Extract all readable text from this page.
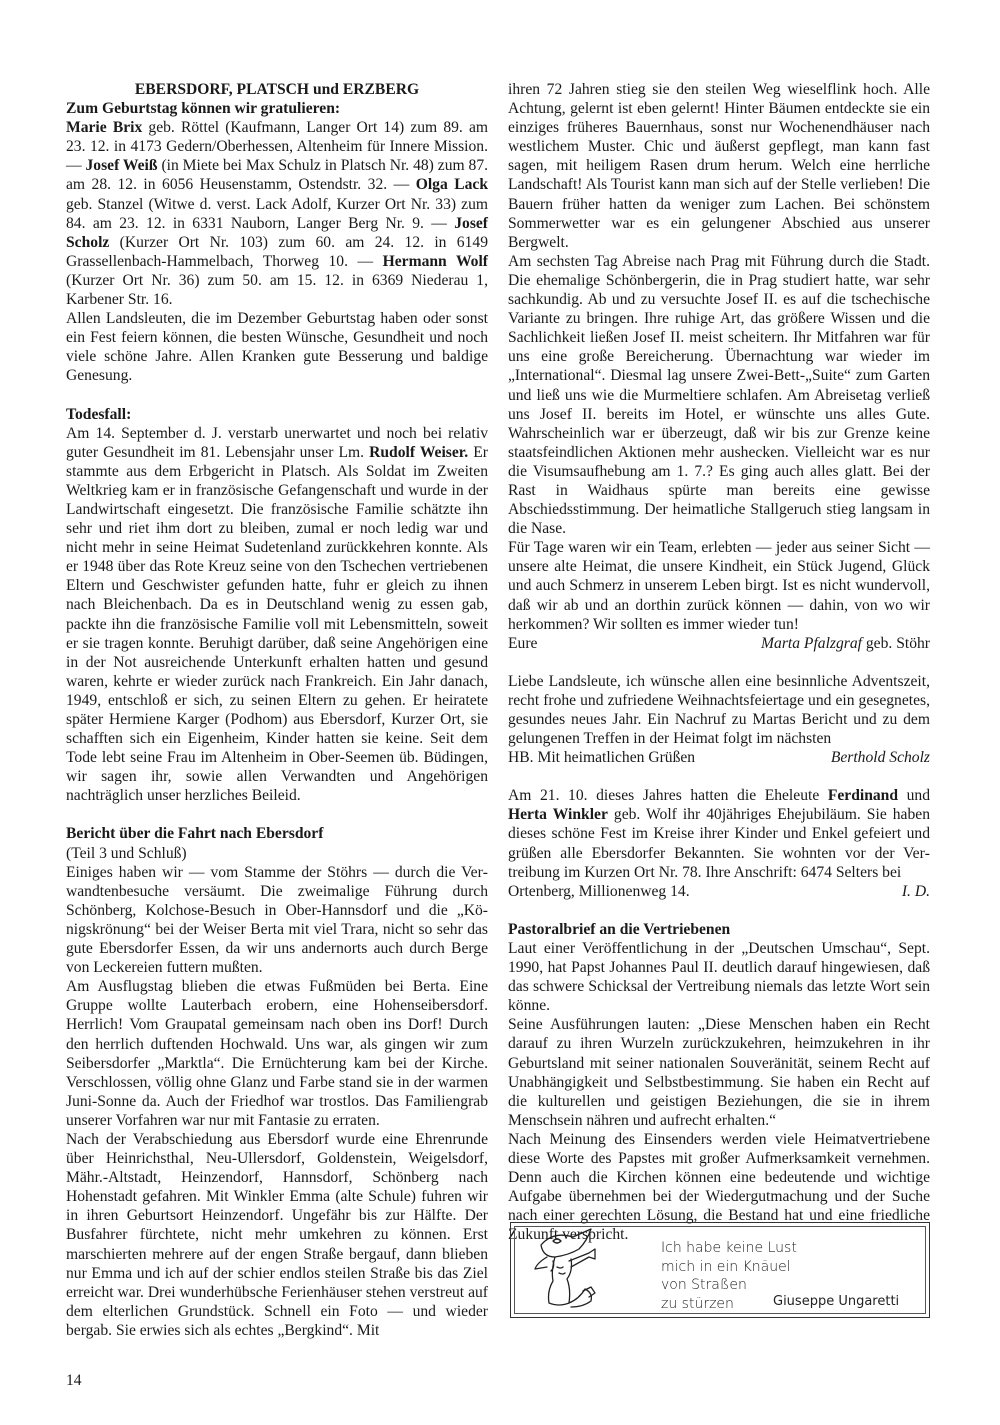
EBERSDORF, PLATSCH und ERZBERG

Zum Geburtstag können wir gratulieren:

Marie Brix geb. Röttel (Kaufmann, Langer Ort 14) zum 89. am 23. 12. in 4173 Gedern/Oberhessen, Altenheim für Innere Mission. — Josef Weiß (in Miete bei Max Schulz in Platsch Nr. 48) zum 87. am 28. 12. in 6056 Heusenstamm, Ostendstr. 32. — Olga Lack geb. Stanzel (Witwe d. verst. Lack Adolf, Kurzer Ort Nr. 33) zum 84. am 23. 12. in 6331 Nauborn, Langer Berg Nr. 9. — Josef Scholz (Kurzer Ort Nr. 103) zum 60. am 24. 12. in 6149 Grassellenbach-Hammelbach, Thorweg 10. — Hermann Wolf (Kurzer Ort Nr. 36) zum 50. am 15. 12. in 6369 Niederau 1, Karbener Str. 16.

Allen Landsleuten, die im Dezember Geburtstag haben oder sonst ein Fest feiern können, die besten Wünsche, Gesundheit und noch viele schöne Jahre. Allen Kranken gute Besserung und baldige Genesung.

Todesfall:

Am 14. September d. J. verstarb unerwartet und noch bei relativ guter Gesundheit im 81. Lebensjahr unser Lm. Rudolf Weiser. Er stammte aus dem Erbgericht in Platsch. Als Soldat im Zweiten Weltkrieg kam er in französische Gefangenschaft und wurde in der Landwirtschaft eingesetzt. Die französische Familie schätzte ihn sehr und riet ihm dort zu bleiben, zumal er noch ledig war und nicht mehr in seine Heimat Sudetenland zurückkehren konnte. Als er 1948 über das Rote Kreuz seine von den Tschechen vertriebenen Eltern und Geschwister gefunden hatte, fuhr er gleich zu ihnen nach Bleichenbach. Da es in Deutschland wenig zu essen gab, packte ihn die französische Familie voll mit Lebensmitteln, soweit er sie tragen konnte. Beruhigt darüber, daß seine Angehörigen eine in der Not ausreichende Unterkunft erhalten hatten und gesund waren, kehrte er wieder zurück nach Frankreich. Ein Jahr danach, 1949, entschloß er sich, zu seinen Eltern zu gehen. Er heiratete später Hermiene Karger (Podhom) aus Ebersdorf, Kurzer Ort, sie schafften sich ein Eigenheim, Kinder hatten sie keine. Seit dem Tode lebt seine Frau im Altenheim in Ober-Seemen üb. Büdingen, wir sagen ihr, sowie allen Verwandten und Angehörigen nachträglich unser herzliches Beileid.

Bericht über die Fahrt nach Ebersdorf

(Teil 3 und Schluß)

Einiges haben wir — vom Stamme der Stöhrs — durch die Verwandtenbesuche versäumt. Die zweimalige Führung durch Schönberg, Kolchose-Besuch in Ober-Hannsdorf und die „Königskrönung“ bei der Weiser Berta mit viel Trara, nicht so sehr das gute Ebersdorfer Essen, da wir uns andernorts auch durch Berge von Leckereien futtern mußten.

Am Ausflugstag blieben die etwas Fußmüden bei Berta. Eine Gruppe wollte Lauterbach erobern, eine Hohenseibersdorf. Herrlich! Vom Graupatal gemeinsam nach oben ins Dorf! Durch den herrlich duftenden Hochwald. Uns war, als gingen wir zum Seibersdorfer „Marktla“. Die Ernüchterung kam bei der Kirche. Verschlossen, völlig ohne Glanz und Farbe stand sie in der warmen Juni-Sonne da. Auch der Friedhof war trostlos. Das Familiengrab unserer Vorfahren war nur mit Fantasie zu erraten.

Nach der Verabschiedung aus Ebersdorf wurde eine Ehrenrunde über Heinrichsthal, Neu-Ullersdorf, Goldenstein, Weigelsdorf, Mähr.-Altstadt, Heinzendorf, Hannsdorf, Schönberg nach Hohenstadt gefahren. Mit Winkler Emma (alte Schule) fuhren wir in ihren Geburtsort Heinzendorf. Ungefähr bis zur Hälfte. Der Busfahrer fürchtete, nicht mehr umkehren zu können. Erst marschierten mehrere auf der engen Straße bergauf, dann blieben nur Emma und ich auf der schier endlos steilen Straße bis das Ziel erreicht war. Drei wunderhübsche Ferienhäuser stehen verstreut auf dem elterlichen Grundstück. Schnell ein Foto — und wieder bergab. Sie erwies sich als echtes „Bergkind“. Mit

ihren 72 Jahren stieg sie den steilen Weg wieselflink hoch. Alle Achtung, gelernt ist eben gelernt! Hinter Bäumen entdeckte sie ein einziges früheres Bauernhaus, sonst nur Wochenendhäuser nach westlichem Muster. Chic und äußerst gepflegt, man kann fast sagen, mit heiligem Rasen drum herum. Welch eine herrliche Landschaft! Als Tourist kann man sich auf der Stelle verlieben! Die Bauern früher hatten da weniger zum Lachen. Bei schönstem Sommerwetter war es ein gelungener Abschied aus unserer Bergwelt.

Am sechsten Tag Abreise nach Prag mit Führung durch die Stadt. Die ehemalige Schönbergerin, die in Prag studiert hatte, war sehr sachkundig. Ab und zu versuchte Josef II. es auf die tschechische Variante zu bringen. Ihre ruhige Art, das größere Wissen und die Sachlichkeit ließen Josef II. meist scheitern. Ihr Mitfahren war für uns eine große Bereicherung. Übernachtung war wieder im „International“. Diesmal lag unsere Zwei-Bett-„Suite“ zum Garten und ließ uns wie die Murmeltiere schlafen. Am Abreisetag verließ uns Josef II. bereits im Hotel, er wünschte uns alles Gute. Wahrscheinlich war er überzeugt, daß wir bis zur Grenze keine staatsfeindlichen Aktionen mehr aushecken. Vielleicht war es nur die Visumsaufhebung am 1. 7.? Es ging auch alles glatt. Bei der Rast in Waidhaus spürte man bereits eine gewisse Abschiedsstimmung. Der heimatliche Stallgeruch stieg langsam in die Nase.

Für Tage waren wir ein Team, erlebten — jeder aus seiner Sicht — unsere alte Heimat, die unsere Kindheit, ein Stück Jugend, Glück und auch Schmerz in unserem Leben birgt. Ist es nicht wundervoll, daß wir ab und an dorthin zurück können — dahin, von wo wir herkommen? Wir sollten es immer wieder tun!

Eure	Marta Pfalzgraf geb. Stöhr

Liebe Landsleute, ich wünsche allen eine besinnliche Adventszeit, recht frohe und zufriedene Weihnachtsfeiertage und ein gesegnetes, gesundes neues Jahr. Ein Nachruf zu Martas Bericht und zu dem gelungenen Treffen in der Heimat folgt im nächsten

HB. Mit heimatlichen Grüßen	Berthold Scholz

Am 21. 10. dieses Jahres hatten die Eheleute Ferdinand und Herta Winkler geb. Wolf ihr 40jähriges Ehejubiläum. Sie haben dieses schöne Fest im Kreise ihrer Kinder und Enkel gefeiert und grüßen alle Ebersdorfer Bekannten. Sie wohnten vor der Vertreibung im Kurzen Ort Nr. 78. Ihre Anschrift: 6474 Selters bei

Ortenberg, Millionenweg 14.	I. D.

Pastoralbrief an die Vertriebenen

Laut einer Veröffentlichung in der „Deutschen Umschau“, Sept. 1990, hat Papst Johannes Paul II. deutlich darauf hingewiesen, daß das schwere Schicksal der Vertreibung niemals das letzte Wort sein könne.

Seine Ausführungen lauten: „Diese Menschen haben ein Recht darauf zu ihren Wurzeln zurückzukehren, heimzukehren in ihr Geburtsland mit seiner nationalen Souveränität, seinem Recht auf Unabhängigkeit und Selbstbestimmung. Sie haben ein Recht auf die kulturellen und geistigen Beziehungen, die sie in ihrem Menschsein nähren und aufrecht erhalten.“

Nach Meinung des Einsenders werden viele Heimatvertriebene diese Worte des Papstes mit großer Aufmerksamkeit vernehmen. Denn auch die Kirchen können eine bedeutende und wichtige Aufgabe übernehmen bei der Wiedergutmachung und der Suche nach einer gerechten Lösung, die Bestand hat und eine friedliche Zukunft verspricht.

Ich habe keine Lust
mich in ein Knäuel
von Straßen
zu stürzen	Giuseppe Ungaretti
14
